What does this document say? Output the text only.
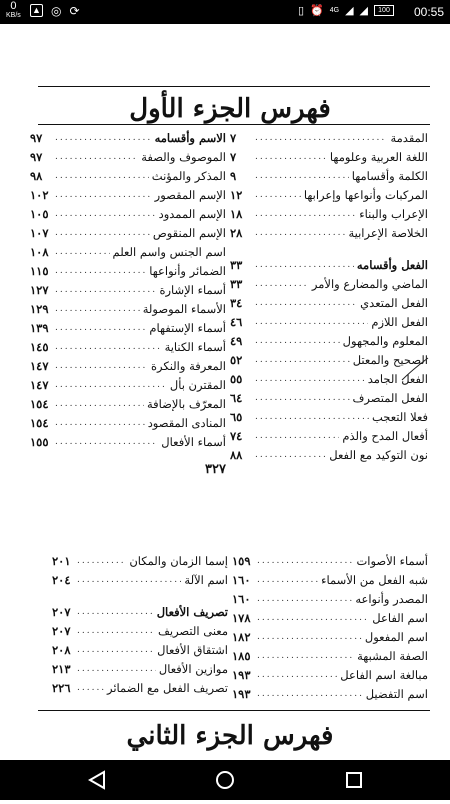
0
KB/s
▲ ◎ ⟳	▯ ⏰ 4G ◢ ◢	100	00:55
فهرس الجزء الأول
المقدمة
.....
٧
اللغة العربية وعلومها
.....
٧
الكلمة وأقسامها
.....
٩
المركبات وأنواعها وإعرابها
.....
١٢
الإعراب والبناء
.....
١٨
الخلاصة الإعرابية
.....
٢٨
الفعل وأقسامه
.....
٣٣
الماضي والمضارع والأمر
.....
٣٣
الفعل المتعدي
.....
٣٤
الفعل اللازم
.....
٤٦
المعلوم والمجهول
.....
٤٩
الصحيح والمعتل
.....
٥٢
الفعل الجامد
.....
٥٥
الفعل المتصرف
.....
٦٤
فعلا التعجب
.....
٦٥
أفعال المدح والذم
.....
٧٤
نون التوكيد مع الفعل
.....
٨٨
الاسم وأقسامه
.....
٩٧
الموصوف والصفة
.....
٩٧
المذكر والمؤنث
.....
٩٨
الإسم المقصور
.....
١٠٢
الإسم الممدود
.....
١٠٥
الإسم المنقوص
.....
١٠٧
اسم الجنس واسم العلم
.....
١٠٨
الضمائر وأنواعها
.....
١١٥
أسماء الإشارة
.....
١٢٧
الأسماء الموصولة
.....
١٢٩
أسماء الإستفهام
.....
١٣٩
أسماء الكناية
.....
١٤٥
المعرفة والنكرة
.....
١٤٧
المقترن بأل
.....
١٤٧
المعرّف بالإضافة
.....
١٥٤
المنادى المقصود
.....
١٥٤
أسماء الأفعال
.....
١٥٥
٣٢٧
أسماء الأصوات
.....
١٥٩
شبه الفعل من الأسماء
.....
١٦٠
المصدر وأنواعه
.....
١٦٠
اسم الفاعل
.....
١٧٨
اسم المفعول
.....
١٨٢
الصفة المشبهة
.....
١٨٥
مبالغة اسم الفاعل
.....
١٩٣
اسم التفضيل
.....
١٩٣
إسما الزمان والمكان
.....
٢٠١
اسم الآلة
.....
٢٠٤
تصريف الأفعال
.....
٢٠٧
معنى التصريف
.....
٢٠٧
اشتقاق الأفعال
.....
٢٠٨
موازين الأفعال
.....
٢١٣
تصريف الفعل مع الضمائر
.....
٢٢٦
فهرس الجزء الثاني
